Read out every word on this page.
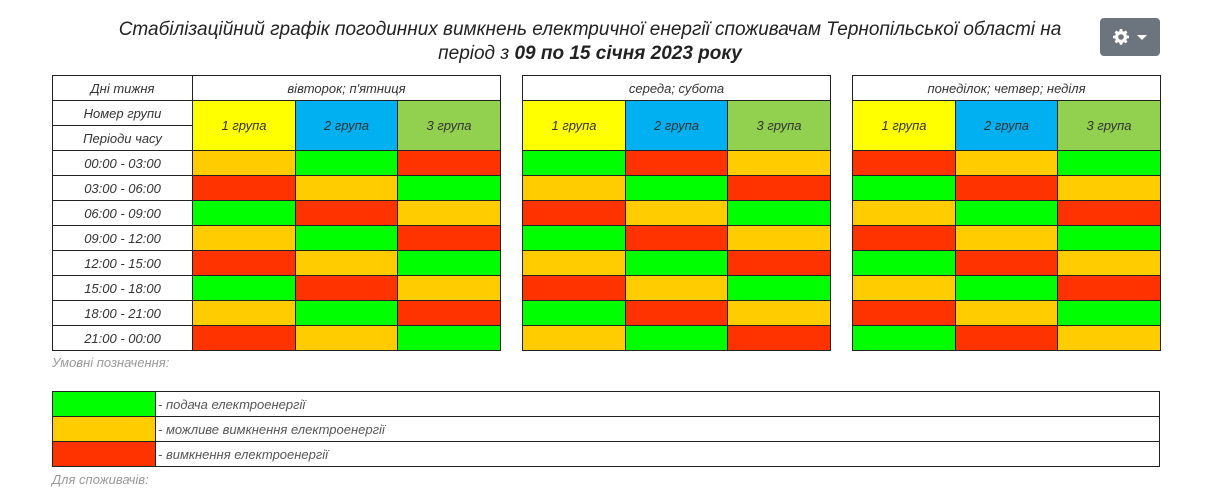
Стабілізаційний графік погодинних вимкнень електричної енергії споживачам Тернопільської області на
період з 09 по 15 січня 2023 року
Дні тижня	вівторок; п'ятниця				середа; субота				понеділок; четвер; неділя		
Номер групи	1 група	2 група	3 група		1 група	2 група	3 група		1 група	2 група	3 група
Періоди часу											
00:00 - 03:00											
03:00 - 06:00											
06:00 - 09:00											
09:00 - 12:00											
12:00 - 15:00											
15:00 - 18:00											
18:00 - 21:00											
21:00 - 00:00											
Умовні позначення:
	- подача електроенергії
	- можливе вимкнення електроенергії
	- вимкнення електроенергії
Для споживачів:
